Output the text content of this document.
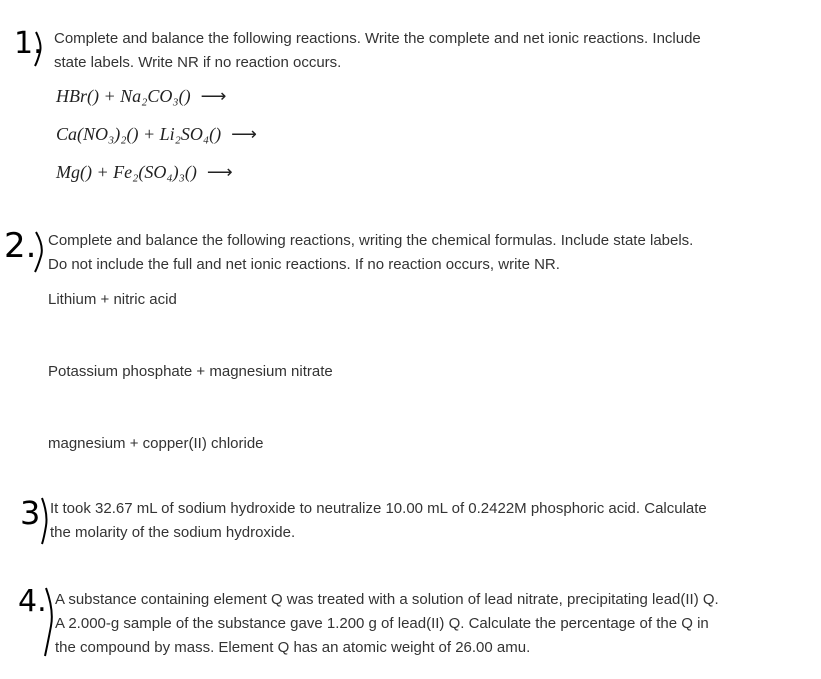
1. Complete and balance the following reactions. Write the complete and net ionic reactions. Include
state labels. Write NR if no reaction occurs.
HBr() + Na₂CO₃() ⟶
Ca(NO₃)₂() + Li₂SO₄() ⟶
Mg() + Fe₂(SO₄)₃() ⟶
2. Complete and balance the following reactions, writing the chemical formulas. Include state labels.
Do not include the full and net ionic reactions. If no reaction occurs, write NR.
Lithium + nitric acid
Potassium phosphate + magnesium nitrate
magnesium + copper(II) chloride
3 It took 32.67 mL of sodium hydroxide to neutralize 10.00 mL of 0.2422M phosphoric acid. Calculate
the molarity of the sodium hydroxide.
4. A substance containing element Q was treated with a solution of lead nitrate, precipitating lead(II) Q.
A 2.000-g sample of the substance gave 1.200 g of lead(II) Q. Calculate the percentage of the Q in
the compound by mass. Element Q has an atomic weight of 26.00 amu.
